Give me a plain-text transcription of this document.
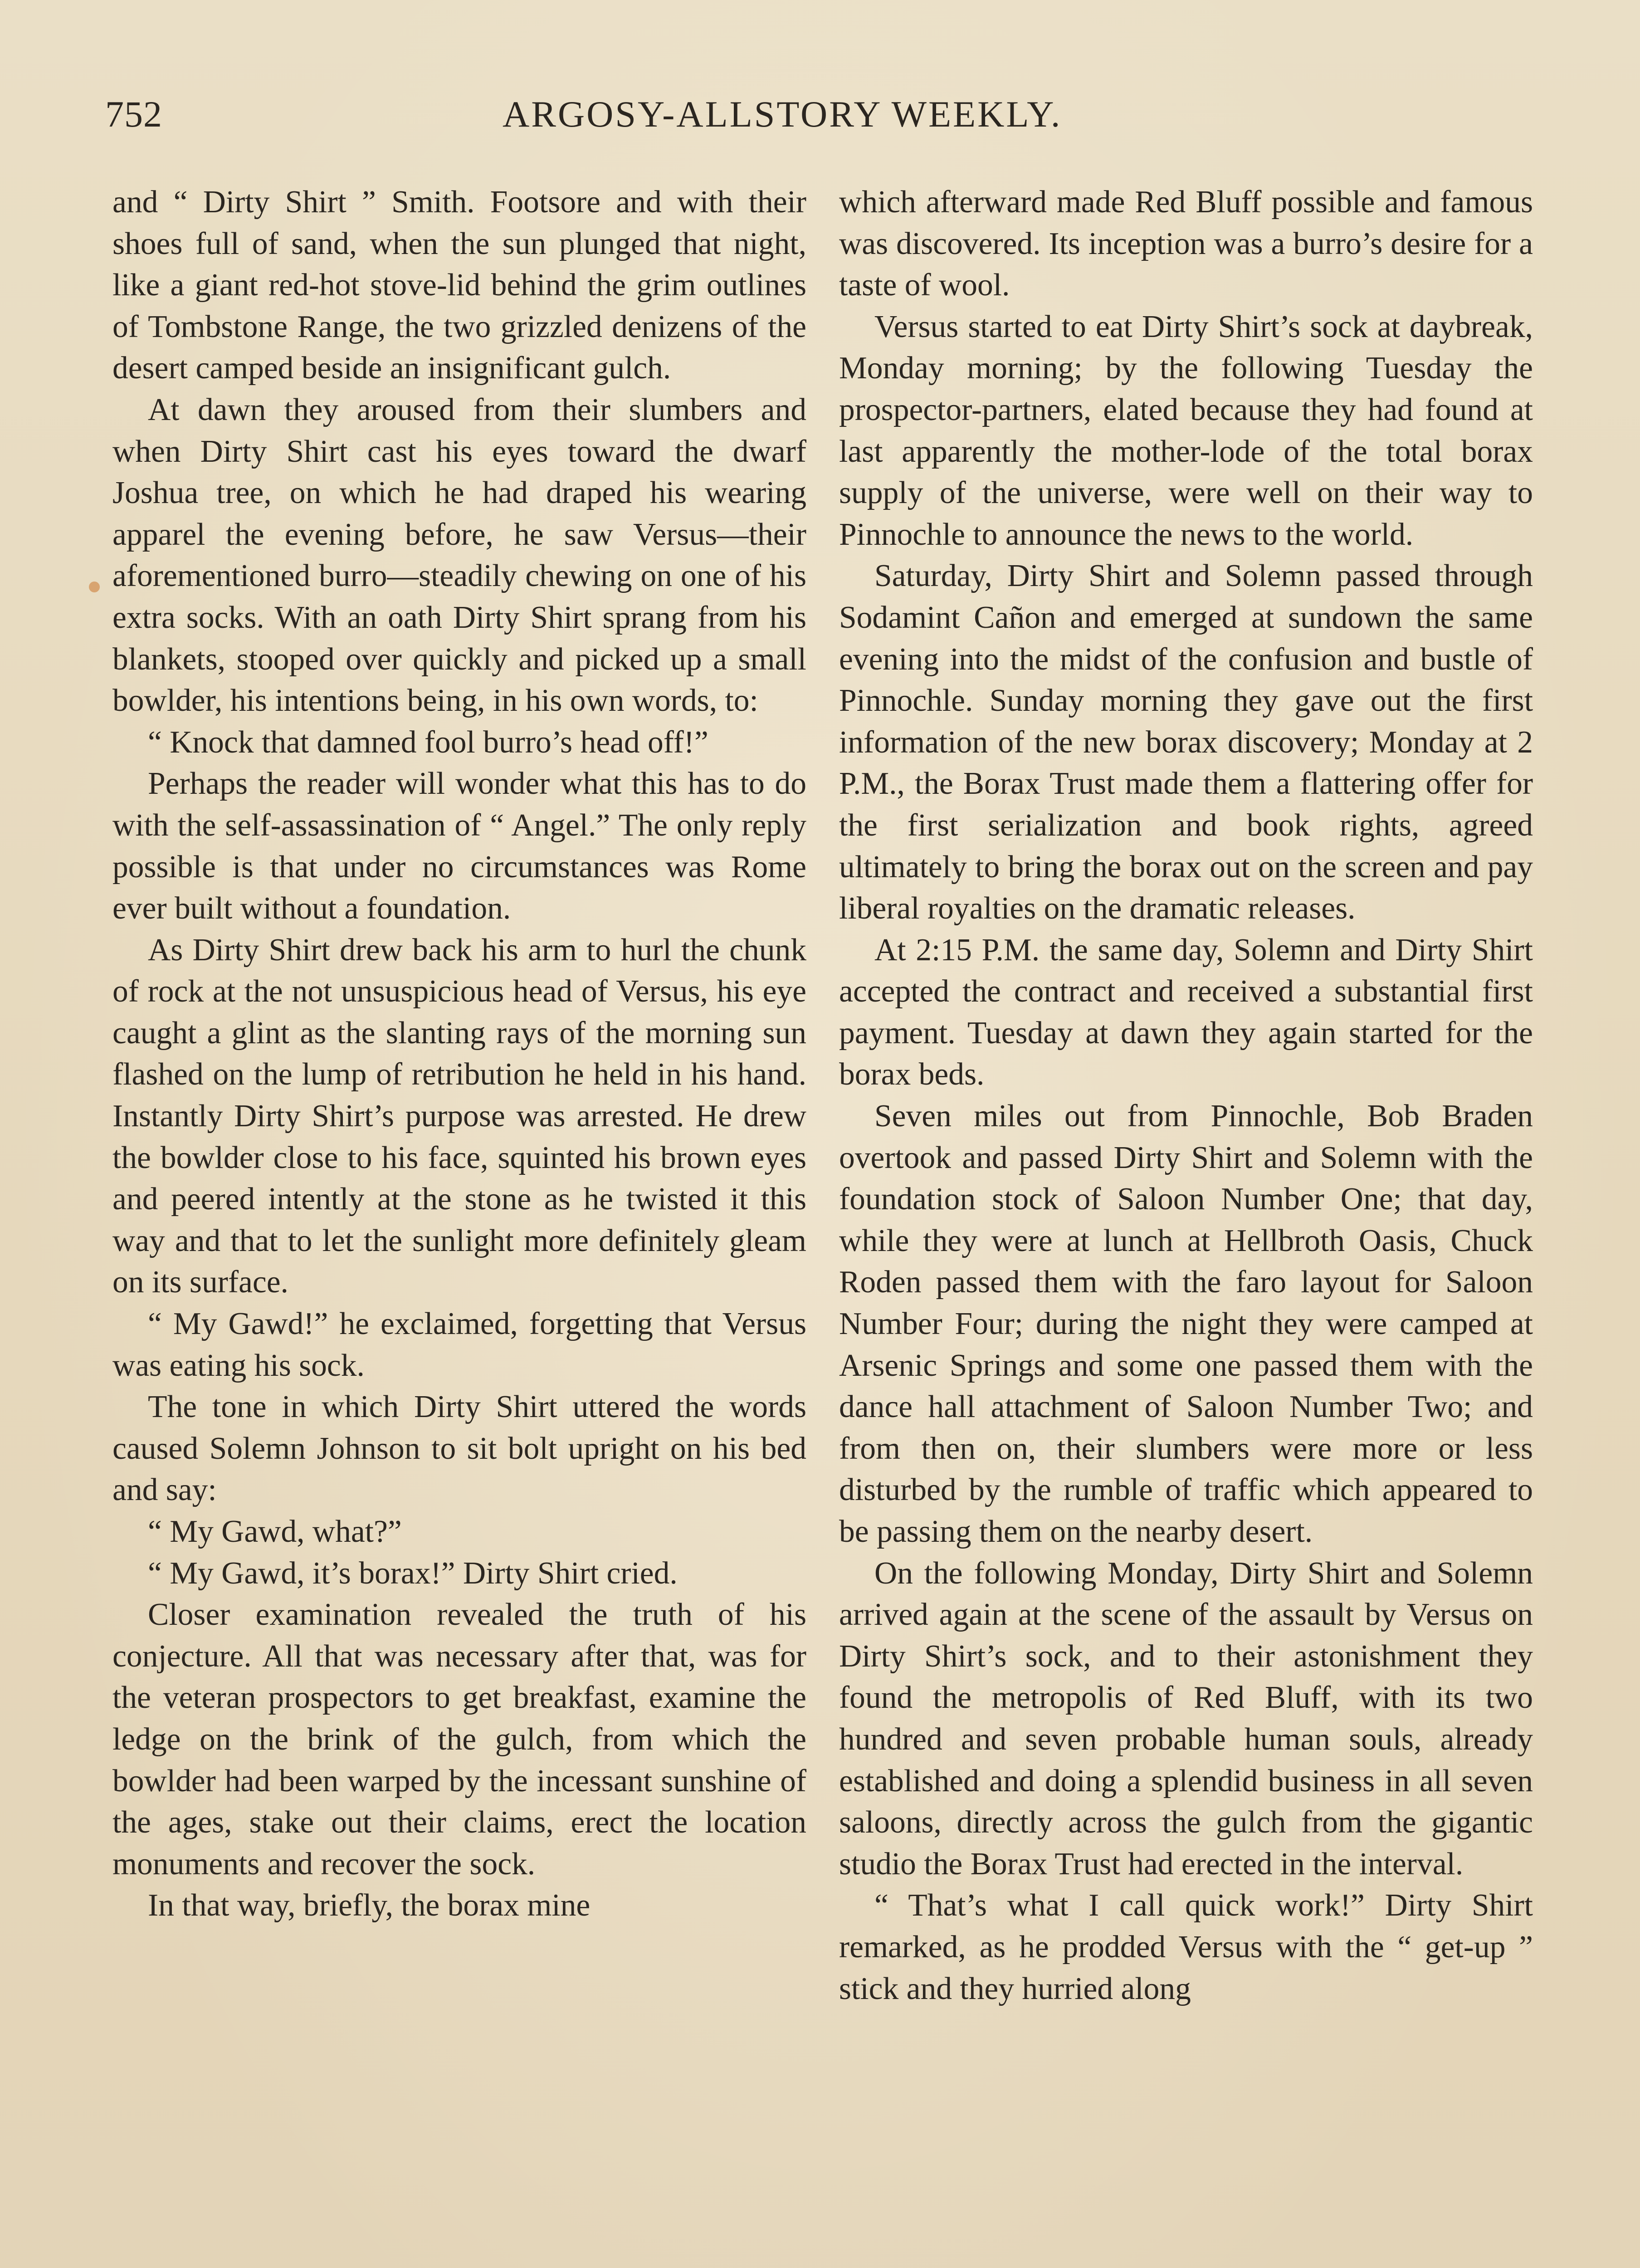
752	ARGOSY-ALLSTORY WEEKLY.

and “ Dirty Shirt ” Smith. Footsore and with their shoes full of sand, when the sun plunged that night, like a giant red-hot stove-lid behind the grim outlines of Tombstone Range, the two grizzled denizens of the desert camped beside an insignificant gulch.

At dawn they aroused from their slumbers and when Dirty Shirt cast his eyes toward the dwarf Joshua tree, on which he had draped his wearing apparel the evening before, he saw Versus—their aforementioned burro—steadily chewing on one of his extra socks. With an oath Dirty Shirt sprang from his blankets, stooped over quickly and picked up a small bowlder, his intentions being, in his own words, to:

“ Knock that damned fool burro’s head off!”

Perhaps the reader will wonder what this has to do with the self-assassination of “ Angel.” The only reply possible is that under no circumstances was Rome ever built without a foundation.

As Dirty Shirt drew back his arm to hurl the chunk of rock at the not unsuspicious head of Versus, his eye caught a glint as the slanting rays of the morning sun flashed on the lump of retribution he held in his hand. Instantly Dirty Shirt’s purpose was arrested. He drew the bowlder close to his face, squinted his brown eyes and peered intently at the stone as he twisted it this way and that to let the sunlight more definitely gleam on its surface.

“ My Gawd!” he exclaimed, forgetting that Versus was eating his sock.

The tone in which Dirty Shirt uttered the words caused Solemn Johnson to sit bolt upright on his bed and say:

“ My Gawd, what?”

“ My Gawd, it’s borax!” Dirty Shirt cried.

Closer examination revealed the truth of his conjecture. All that was necessary after that, was for the veteran prospectors to get breakfast, examine the ledge on the brink of the gulch, from which the bowlder had been warped by the incessant sunshine of the ages, stake out their claims, erect the location monuments and recover the sock.

In that way, briefly, the borax mine

which afterward made Red Bluff possible and famous was discovered. Its inception was a burro’s desire for a taste of wool.

Versus started to eat Dirty Shirt’s sock at daybreak, Monday morning; by the following Tuesday the prospector-partners, elated because they had found at last apparently the mother-lode of the total borax supply of the universe, were well on their way to Pinnochle to announce the news to the world.

Saturday, Dirty Shirt and Solemn passed through Sodamint Cañon and emerged at sundown the same evening into the midst of the confusion and bustle of Pinnochle. Sunday morning they gave out the first information of the new borax discovery; Monday at 2 P.M., the Borax Trust made them a flattering offer for the first serialization and book rights, agreed ultimately to bring the borax out on the screen and pay liberal royalties on the dramatic releases.

At 2:15 P.M. the same day, Solemn and Dirty Shirt accepted the contract and received a substantial first payment. Tuesday at dawn they again started for the borax beds.

Seven miles out from Pinnochle, Bob Braden overtook and passed Dirty Shirt and Solemn with the foundation stock of Saloon Number One; that day, while they were at lunch at Hellbroth Oasis, Chuck Roden passed them with the faro layout for Saloon Number Four; during the night they were camped at Arsenic Springs and some one passed them with the dance hall attachment of Saloon Number Two; and from then on, their slumbers were more or less disturbed by the rumble of traffic which appeared to be passing them on the nearby desert.

On the following Monday, Dirty Shirt and Solemn arrived again at the scene of the assault by Versus on Dirty Shirt’s sock, and to their astonishment they found the metropolis of Red Bluff, with its two hundred and seven probable human souls, already established and doing a splendid business in all seven saloons, directly across the gulch from the gigantic studio the Borax Trust had erected in the interval.

“ That’s what I call quick work!” Dirty Shirt remarked, as he prodded Versus with the “ get-up ” stick and they hurried along
